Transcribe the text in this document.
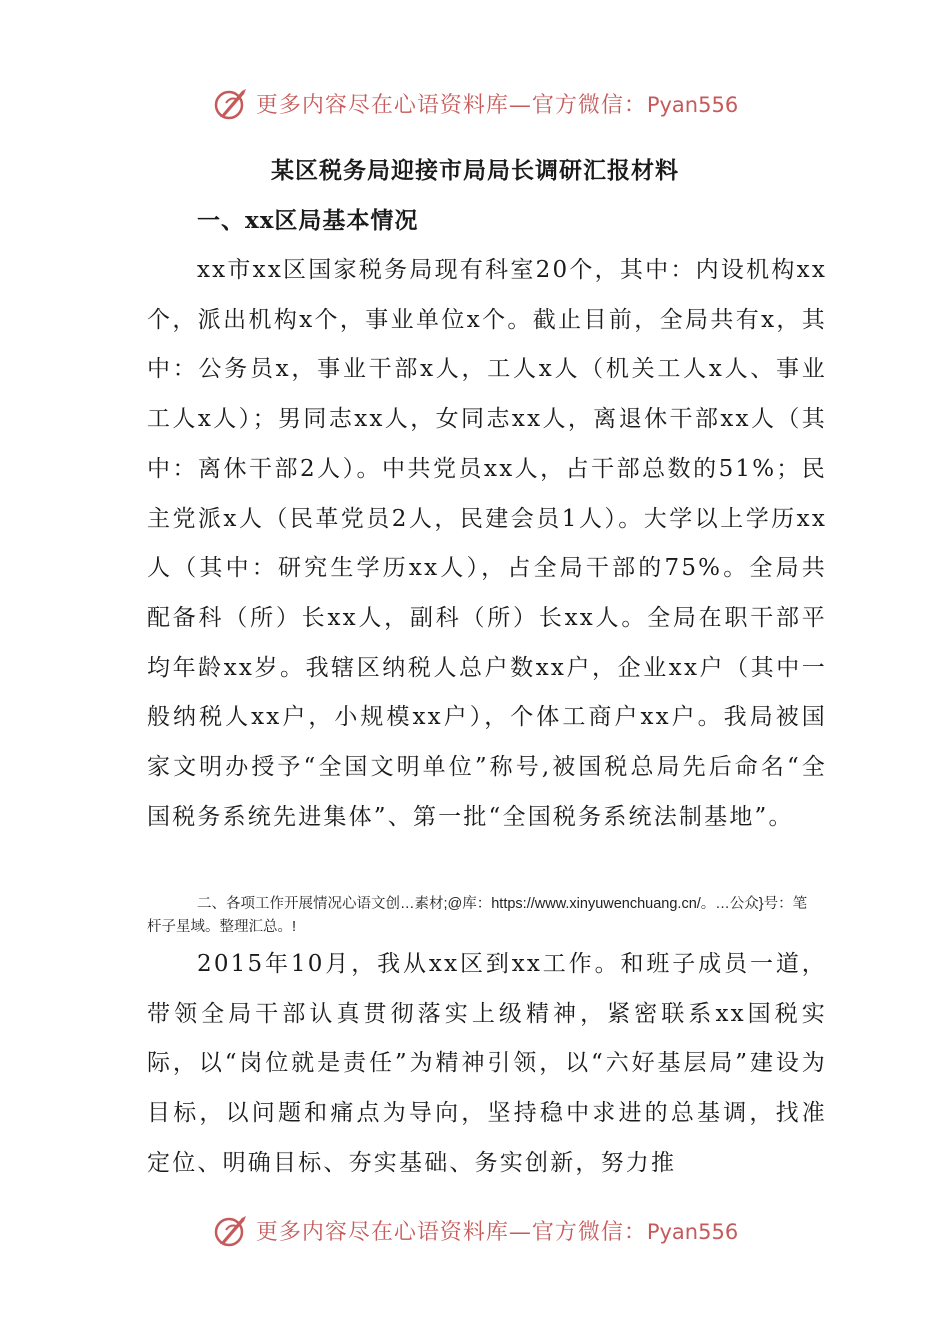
更多内容尽在心语资料库—官方微信：Pyan556
某区税务局迎接市局局长调研汇报材料
一、xx区局基本情况

xx市xx区国家税务局现有科室20个，其中：内设机构xx个，派出机构x个，事业单位x个。截止目前，全局共有x，其中：公务员x，事业干部x人，工人x人（机关工人x人、事业工人x人）；男同志xx人，女同志xx人，离退休干部xx人（其中：离休干部2人）。中共党员xx人，占干部总数的51%；民主党派x人（民革党员2人，民建会员1人）。大学以上学历xx人（其中：研究生学历xx人），占全局干部的75%。全局共配备科（所）长xx人，副科（所）长xx人。全局在职干部平均年龄xx岁。我辖区纳税人总户数xx户，企业xx户（其中一般纳税人xx户，小规模xx户），个体工商户xx户。我局被国家文明办授予“全国文明单位”称号,被国税总局先后命名“全国税务系统先进集体”、第一批“全国税务系统法制基地”。

二、各项工作开展情况心语文创…素材;@库：https://www.xinyuwenchuang.cn/。…公众}号：笔杆子星域。整理汇总。!

2015年10月，我从xx区到xx工作。和班子成员一道，带领全局干部认真贯彻落实上级精神，紧密联系xx国税实际，以“岗位就是责任”为精神引领，以“六好基层局”建设为目标，以问题和痛点为导向，坚持稳中求进的总基调，找准定位、明确目标、夯实基础、务实创新，努力推

更多内容尽在心语资料库—官方微信：Pyan556
